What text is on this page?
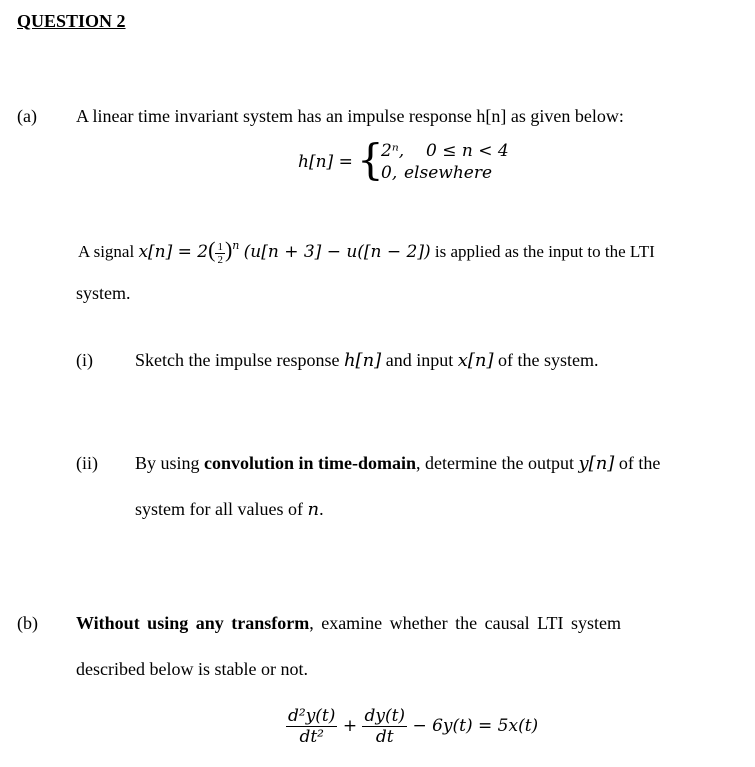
QUESTION 2
(a) A linear time invariant system has an impulse response h[n] as given below:
h[n] = {
2ⁿ, 0 ≤ n < 4
0, elsewhere
A signal $x[n] = 2( \frac{1}{2} )^n$ (u[n + 3] − u([n − 2]) is applied as the input to the LTI
system.
(i) Sketch the impulse response h[n] and input x[n] of the system.
(ii) By using convolution in time-domain, determine the output y[n] of the
system for all values of n.
(b) Without using any transform, examine whether the causal LTI system
described below is stable or not.
$\frac{\text{d²y(t)}}{\text{dt²}} + \frac{dy(t)}{dt} - 6y(t) = 5x(t)$
